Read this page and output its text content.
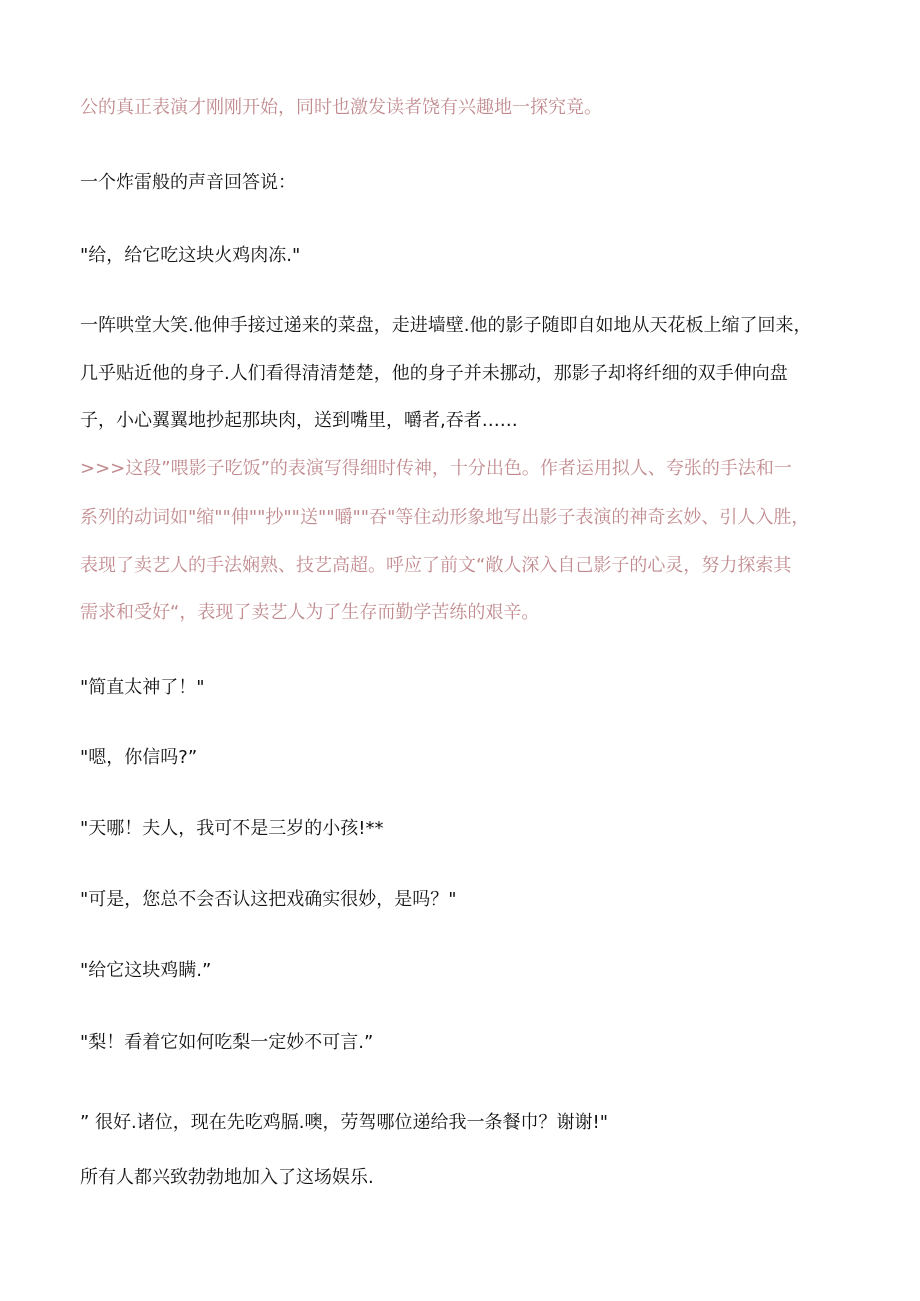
公的真正表演才刚刚开始，同时也激发读者饶有兴趣地一探究竟。
一个炸雷般的声音回答说：
"给，给它吃这块火鸡肉冻."
一阵哄堂大笑.他伸手接过递来的菜盘，走进墙壁.他的影子随即自如地从天花板上缩了回来，
几乎贴近他的身子.人们看得清清楚楚，他的身子并未挪动，那影子却将纤细的双手伸向盘
子，小心翼翼地抄起那块肉，送到嘴里，嚼者,吞者……
>>>这段”喂影子吃饭”的表演写得细时传神，十分出色。作者运用拟人、夸张的手法和一
系列的动词如"缩""伸""抄""送""嚼""吞"等住动形象地写出影子表演的神奇玄妙、引人入胜，
表现了卖艺人的手法娴熟、技艺高超。呼应了前文“敞人深入自己影子的心灵，努力探索其
需求和受好“，表现了卖艺人为了生存而勤学苦练的艰辛。
"简直太神了！"
"嗯，你信吗?”
"天哪！夫人，我可不是三岁的小孩!**
"可是，您总不会否认这把戏确实很妙，是吗？"
"给它这块鸡瞒.”
"梨！看着它如何吃梨一定妙不可言.”
” 很好.诸位，现在先吃鸡膈.噢，劳驾哪位递给我一条餐巾？谢谢!"
所有人都兴致勃勃地加入了这场娱乐.
